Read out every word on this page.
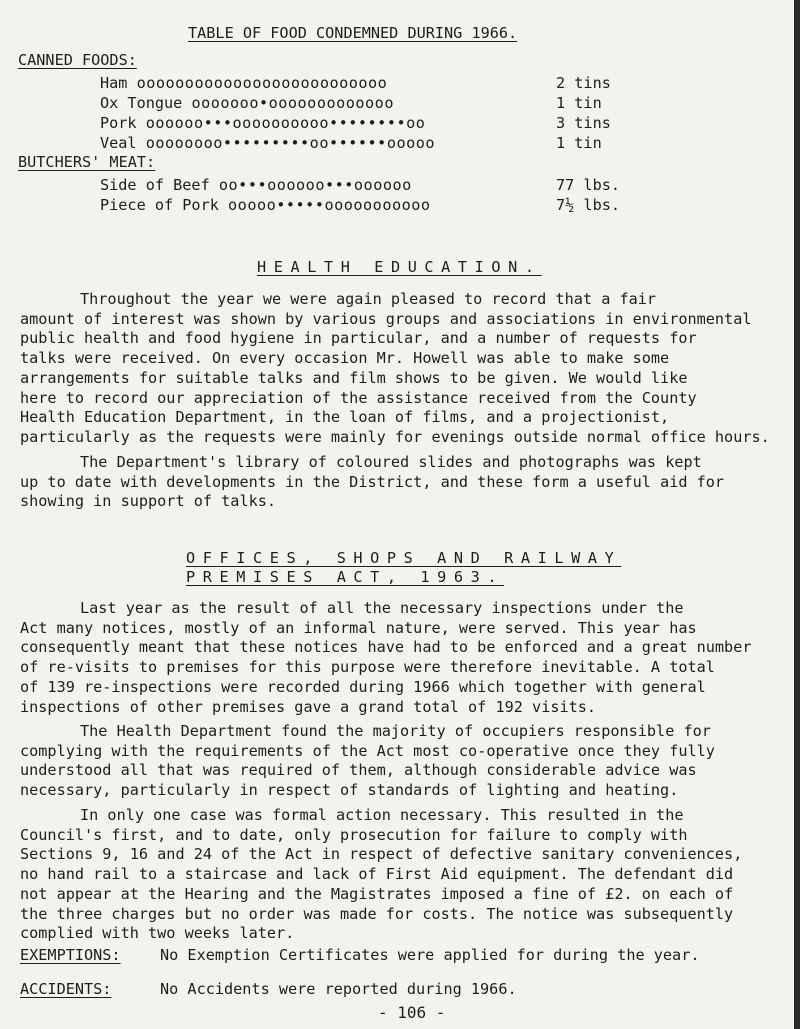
TABLE OF FOOD CONDEMNED DURING 1966.
CANNED FOODS:
Ham oooooooooooooooooooooooooo	2 tins
Ox Tongue ooooooo•ooooooooooooo	1 tin
Pork oooooo•••oooooooooo••••••••oo	3 tins
Veal oooooooo•••••••••oo••••••ooooo	1 tin
BUTCHERS' MEAT:
Side of Beef oo•••oooooo•••oooooo	77 lbs.
Piece of Pork ooooo•••••ooooooooooo	7½ lbs.
HEALTH EDUCATION.

Throughout the year we were again pleased to record that a fair
amount of interest was shown by various groups and associations in environmental
public health and food hygiene in particular, and a number of requests for
talks were received. On every occasion Mr. Howell was able to make some
arrangements for suitable talks and film shows to be given. We would like
here to record our appreciation of the assistance received from the County
Health Education Department, in the loan of films, and a projectionist,
particularly as the requests were mainly for evenings outside normal office hours.

The Department's library of coloured slides and photographs was kept
up to date with developments in the District, and these form a useful aid for
showing in support of talks.

OFFICES, SHOPS AND RAILWAY
PREMISES ACT, 1963.

Last year as the result of all the necessary inspections under the
Act many notices, mostly of an informal nature, were served. This year has
consequently meant that these notices have had to be enforced and a great number
of re-visits to premises for this purpose were therefore inevitable. A total
of 139 re-inspections were recorded during 1966 which together with general
inspections of other premises gave a grand total of 192 visits.

The Health Department found the majority of occupiers responsible for
complying with the requirements of the Act most co-operative once they fully
understood all that was required of them, although considerable advice was
necessary, particularly in respect of standards of lighting and heating.

In only one case was formal action necessary. This resulted in the
Council's first, and to date, only prosecution for failure to comply with
Sections 9, 16 and 24 of the Act in respect of defective sanitary conveniences,
no hand rail to a staircase and lack of First Aid equipment. The defendant did
not appear at the Hearing and the Magistrates imposed a fine of £2. on each of
the three charges but no order was made for costs. The notice was subsequently
complied with two weeks later.

EXEMPTIONS:	No Exemption Certificates were applied for during the year.
ACCIDENTS:	No Accidents were reported during 1966.
- 106 -
